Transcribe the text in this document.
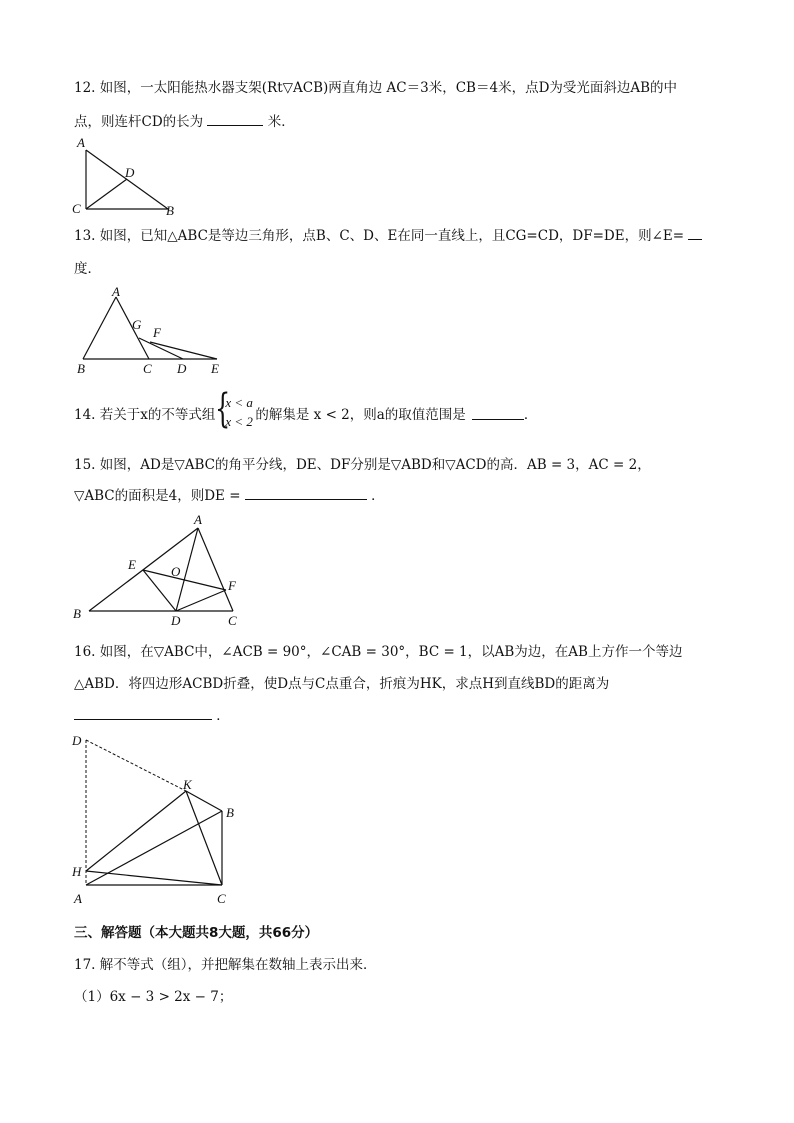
12. 如图，一太阳能热水器支架(Rt▽ACB)两直角边 AC＝3米，CB＝4米，点D为受光面斜边AB的中
点，则连杆CD的长为	米．
A
C	B
D
13. 如图，已知△ABC是等边三角形，点B、C、D、E在同一直线上，且CG=CD，DF=DE，则∠E=
度．
A
G
F
B	C D E
14. 若关于x的不等式组 {
x < a
x < 2 的解集是 x < 2，则a的取值范围是	．
15. 如图，AD是▽ABC的角平分线，DE、DF分别是▽ABD和▽ACD的高．AB = 3，AC = 2，
▽ABC的面积是4，则DE =	．
A
E	O
F
B	D	C
16. 如图，在▽ABC中，∠ACB = 90°，∠CAB = 30°，BC = 1，以AB为边，在AB上方作一个等边
△ABD．将四边形ACBD折叠，使D点与C点重合，折痕为HK，求点H到直线BD的距离为
．
D
K
B
H
A	C
三、解答题（本大题共8大题，共66分）
17. 解不等式（组），并把解集在数轴上表示出来．
（1）6x − 3 > 2x − 7；
